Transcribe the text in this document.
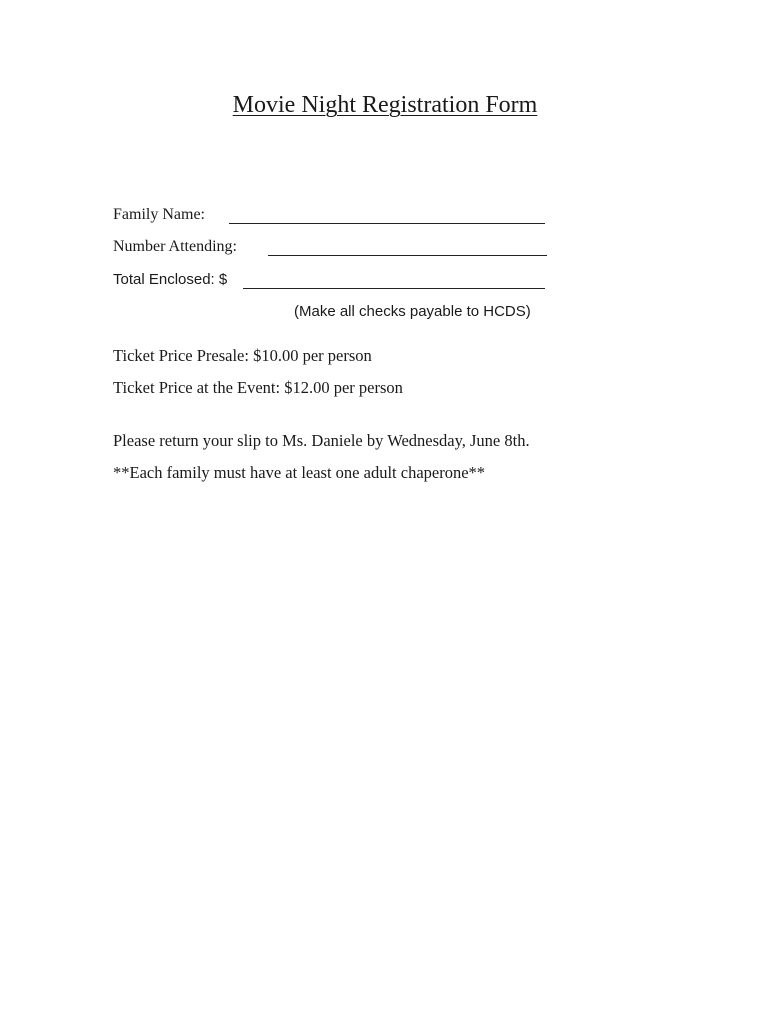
Movie Night Registration Form
Family Name:
Number Attending:
Total Enclosed: $
(Make all checks payable to HCDS)
Ticket Price Presale: $10.00 per person
Ticket Price at the Event: $12.00 per person
Please return your slip to Ms. Daniele by Wednesday, June 8th.
**Each family must have at least one adult chaperone**
